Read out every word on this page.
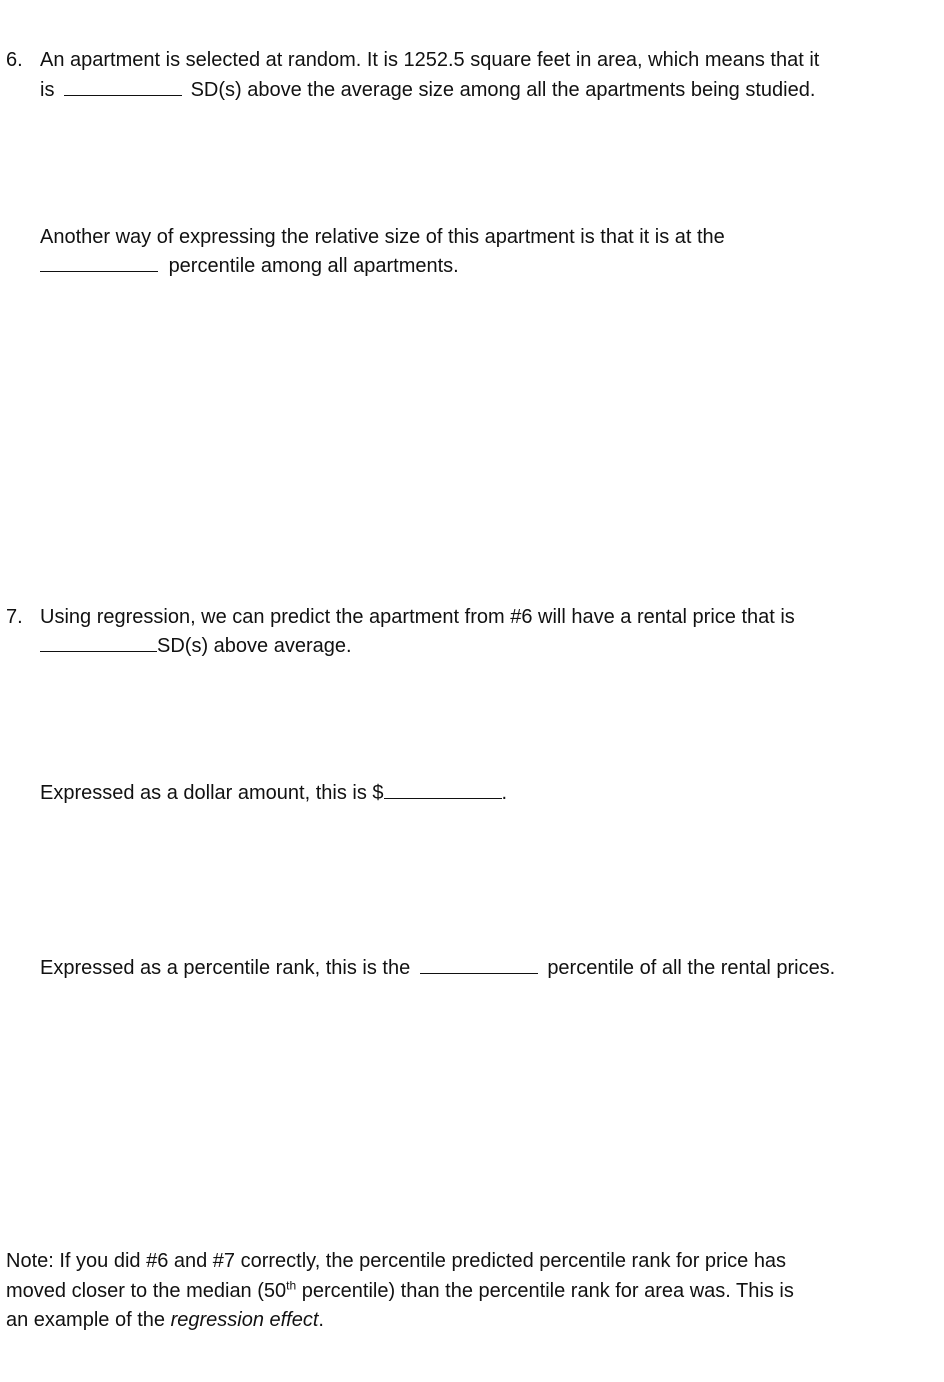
6. An apartment is selected at random. It is 1252.5 square feet in area, which means that it
is	SD(s) above the average size among all the apartments being studied.
Another way of expressing the relative size of this apartment is that it is at the
percentile among all apartments.
7. Using regression, we can predict the apartment from #6 will have a rental price that is
SD(s) above average.
Expressed as a dollar amount, this is $	.
Expressed as a percentile rank, this is the	percentile of all the rental prices.
Note: If you did #6 and #7 correctly, the percentile predicted percentile rank for price has
moved closer to the median (50th percentile) than the percentile rank for area was. This is
an example of the regression effect.
